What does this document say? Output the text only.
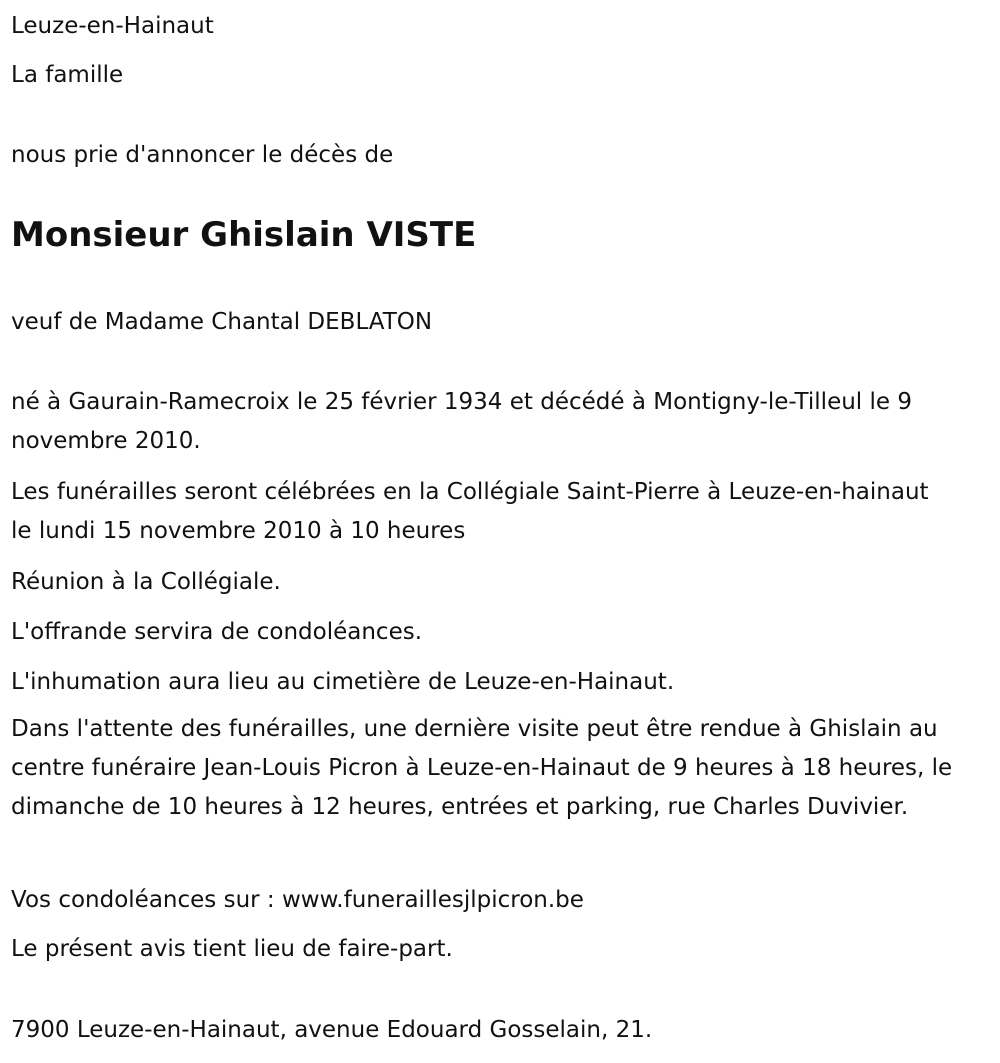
Leuze-en-Hainaut

La famille

nous prie d'annoncer le décès de

Monsieur Ghislain VISTE

veuf de Madame Chantal DEBLATON

né à Gaurain-Ramecroix le 25 février 1934 et décédé à Montigny-le-Tilleul le 9 novembre 2010.

Les funérailles seront célébrées en la Collégiale Saint-Pierre à Leuze-en-hainaut le lundi 15 novembre 2010 à 10 heures

Réunion à la Collégiale.

L'offrande servira de condoléances.

L'inhumation aura lieu au cimetière de Leuze-en-Hainaut.

Dans l'attente des funérailles, une dernière visite peut être rendue à Ghislain au centre funéraire Jean-Louis Picron à Leuze-en-Hainaut de 9 heures à 18 heures, le dimanche de 10 heures à 12 heures, entrées et parking, rue Charles Duvivier.

Vos condoléances sur : www.funeraillesjlpicron.be

Le présent avis tient lieu de faire-part.

7900 Leuze-en-Hainaut, avenue Edouard Gosselain, 21.
